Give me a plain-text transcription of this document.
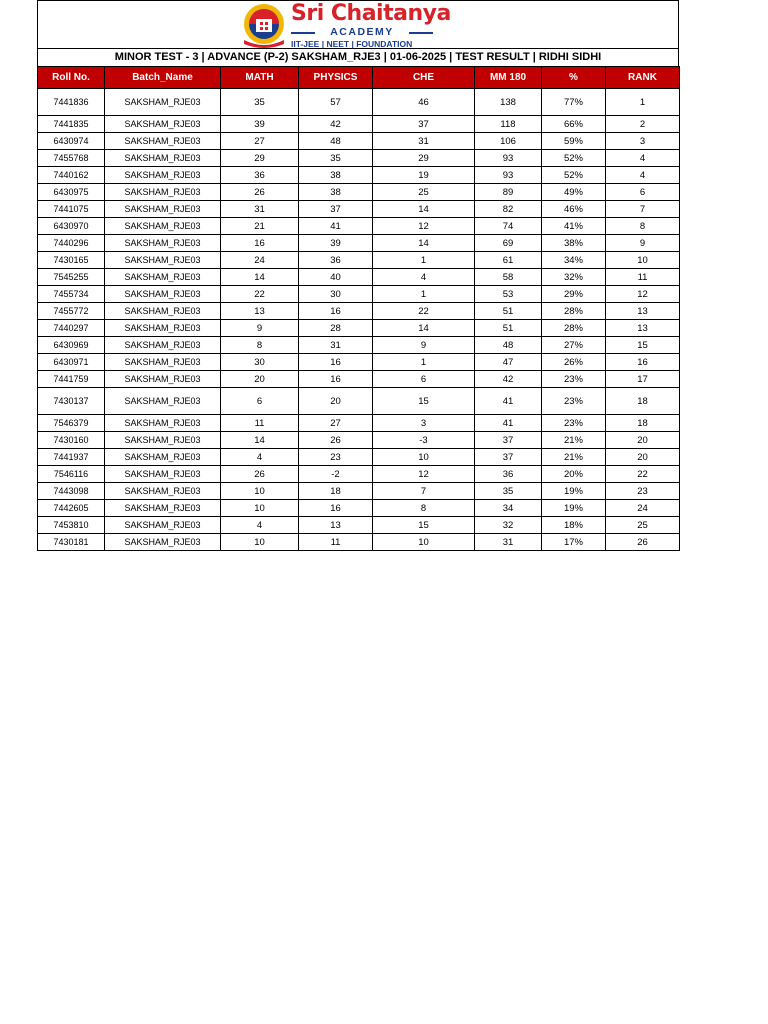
Sri Chaitanya
ACADEMY
IIT-JEE | NEET | FOUNDATION
MINOR TEST - 3 | ADVANCE (P-2) SAKSHAM_RJE3 | 01-06-2025 | TEST RESULT | RIDHI SIDHI
Roll No.	Batch_Name	MATH	PHYSICS	CHE	MM 180	%	RANK
7441836	SAKSHAM_RJE03	35	57	46	138	77%	1
7441835	SAKSHAM_RJE03	39	42	37	118	66%	2
6430974	SAKSHAM_RJE03	27	48	31	106	59%	3
7455768	SAKSHAM_RJE03	29	35	29	93	52%	4
7440162	SAKSHAM_RJE03	36	38	19	93	52%	4
6430975	SAKSHAM_RJE03	26	38	25	89	49%	6
7441075	SAKSHAM_RJE03	31	37	14	82	46%	7
6430970	SAKSHAM_RJE03	21	41	12	74	41%	8
7440296	SAKSHAM_RJE03	16	39	14	69	38%	9
7430165	SAKSHAM_RJE03	24	36	1	61	34%	10
7545255	SAKSHAM_RJE03	14	40	4	58	32%	11
7455734	SAKSHAM_RJE03	22	30	1	53	29%	12
7455772	SAKSHAM_RJE03	13	16	22	51	28%	13
7440297	SAKSHAM_RJE03	9	28	14	51	28%	13
6430969	SAKSHAM_RJE03	8	31	9	48	27%	15
6430971	SAKSHAM_RJE03	30	16	1	47	26%	16
7441759	SAKSHAM_RJE03	20	16	6	42	23%	17
7430137	SAKSHAM_RJE03	6	20	15	41	23%	18
7546379	SAKSHAM_RJE03	11	27	3	41	23%	18
7430160	SAKSHAM_RJE03	14	26	-3	37	21%	20
7441937	SAKSHAM_RJE03	4	23	10	37	21%	20
7546116	SAKSHAM_RJE03	26	-2	12	36	20%	22
7443098	SAKSHAM_RJE03	10	18	7	35	19%	23
7442605	SAKSHAM_RJE03	10	16	8	34	19%	24
7453810	SAKSHAM_RJE03	4	13	15	32	18%	25
7430181	SAKSHAM_RJE03	10	11	10	31	17%	26
